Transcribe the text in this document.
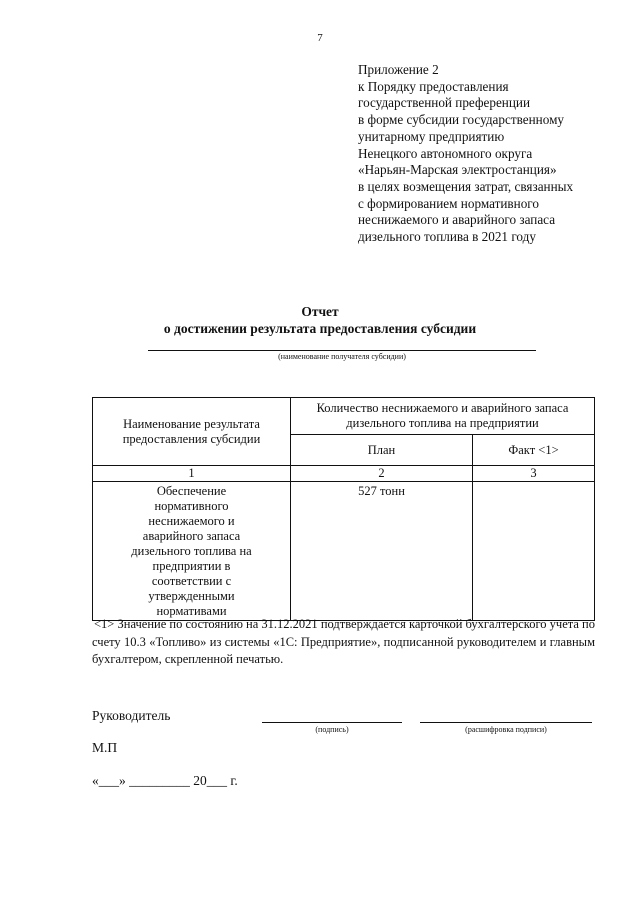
7
Приложение 2
к Порядку предоставления
государственной преференции
в форме субсидии государственному
унитарному предприятию
Ненецкого автономного округа
«Нарьян-Марская электростанция»
в целях возмещения затрат, связанных
с формированием нормативного
неснижаемого и аварийного запаса
дизельного топлива в 2021 году
Отчет
о достижении результата предоставления субсидии
(наименование получателя субсидии)
Наименование результата предоставления субсидии	Количество неснижаемого и аварийного запаса дизельного топлива на предприятии	
	План	Факт <1>
1	2	3
Обеспечение нормативного неснижаемого и аварийного запаса дизельного топлива на предприятии в соответствии с утвержденными нормативами	527 тонн	
<1> Значение по состоянию на 31.12.2021 подтверждается карточкой бухгалтерского учета по счету 10.3 «Топливо» из системы «1С: Предприятие», подписанной руководителем и главным бухгалтером, скрепленной печатью.
Руководитель
(подпись)	(расшифровка подписи)
М.П
«___» _________ 20___ г.
